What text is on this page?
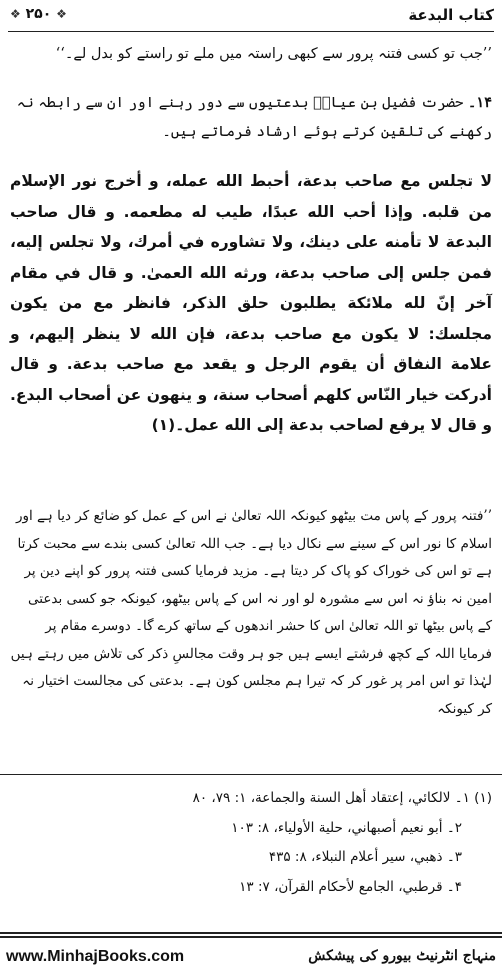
كتاب البدعة
❖ ۲۵۰ ❖
’’جب تو کسی فتنہ پرور سے کبھی راستہ میں ملے تو راستے کو بدل لے۔‘‘
۱۴۔ حضرت فضیل بن عیاضؒ بدعتیوں سے دور رہنے اور ان سے رابطہ نہ رکھنے کی تلقین کرتے ہوئے ارشاد فرماتے ہیں۔
لا تجلس مع صاحب بدعة، أحبط الله عمله، و أخرج نور الإسلام من قلبه. وإذا أحب الله عبدًا، طيب له مطعمه. و قال صاحب البدعة لا تأمنه على دينك، ولا تشاوره في أمرك، ولا تجلس إليه، فمن جلس إلى صاحب بدعة، ورثه الله العمىٰ. و قال في مقام آخر إنّ لله ملائكة يطلبون حلق الذكر، فانظر مع من يكون مجلسك: لا يكون مع صاحب بدعة، فإن الله لا ينظر إليهم، و علامة النفاق أن يقوم الرجل و يقعد مع صاحب بدعة. و قال أدركت خيار النّاس كلهم أصحاب سنة، و ينهون عن أصحاب البدع. و قال لا يرفع لصاحب بدعة إلى الله عمل۔(۱)
’’فتنہ پرور کے پاس مت بیٹھو کیونکہ اللہ تعالیٰ نے اس کے عمل کو ضائع کر دیا ہے اور اسلام کا نور اس کے سینے سے نکال دیا ہے۔ جب اللہ تعالیٰ کسی بندے سے محبت کرتا ہے تو اس کی خوراک کو پاک کر دیتا ہے۔ مزید فرمایا کسی فتنہ پرور کو اپنے دین پر امین نہ بناؤ نہ اس سے مشورہ لو اور نہ اس کے پاس بیٹھو، کیونکہ جو کسی بدعتی کے پاس بیٹھا تو اللہ تعالیٰ اس کا حشر اندھوں کے ساتھ کرے گا۔ دوسرے مقام پر فرمایا اللہ کے کچھ فرشتے ایسے ہیں جو ہر وقت مجالسِ ذکر کی تلاش میں رہتے ہیں لہٰذا تو اس امر پر غور کر کہ تیرا ہم مجلس کون ہے۔ بدعتی کی مجالست اختیار نہ کر کیونکہ
(۱) ۱۔ لالکائي، إعتقاد أهل السنة والجماعة، ۱: ۷۹، ۸۰
۲۔ أبو نعيم أصبهاني، حلية الأولياء، ۸: ۱۰۳
۳۔ ذهبي، سير أعلام النبلاء، ۸: ۴۳۵
۴۔ قرطبي، الجامع لأحكام القرآن، ۷: ۱۳
www.MinhajBooks.com	منہاج انٹرنیٹ بیورو کی پیشکش
